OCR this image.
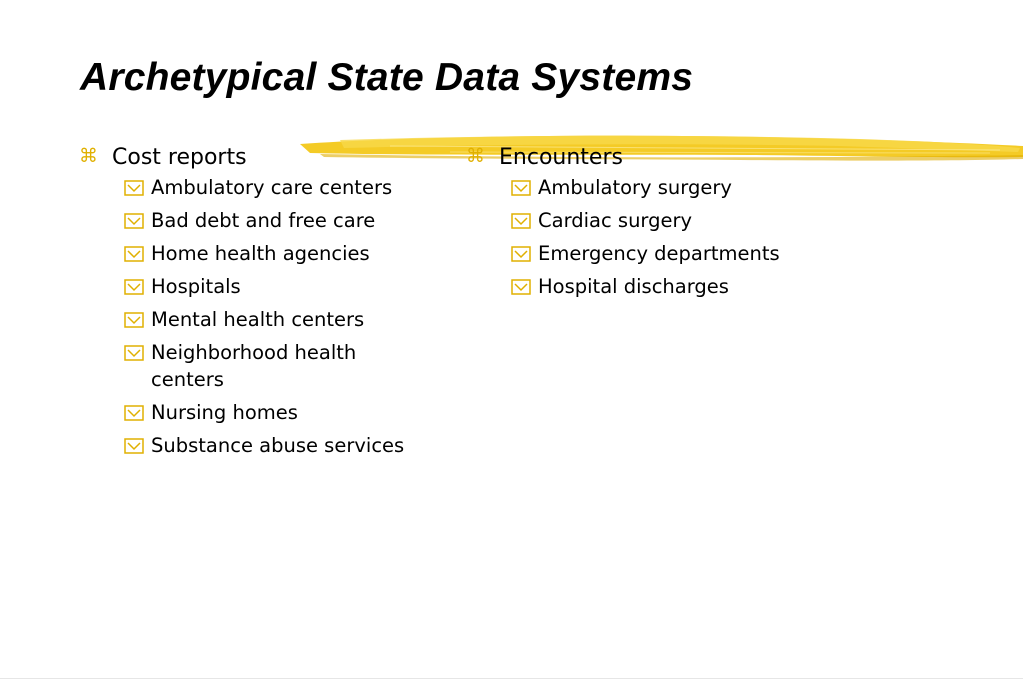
Archetypical State Data Systems
⌘ Cost reports
Ambulatory care centers
Bad debt and free care
Home health agencies
Hospitals
Mental health centers
Neighborhood health centers
Nursing homes
Substance abuse services
⌘ Encounters
Ambulatory surgery
Cardiac surgery
Emergency departments
Hospital discharges
